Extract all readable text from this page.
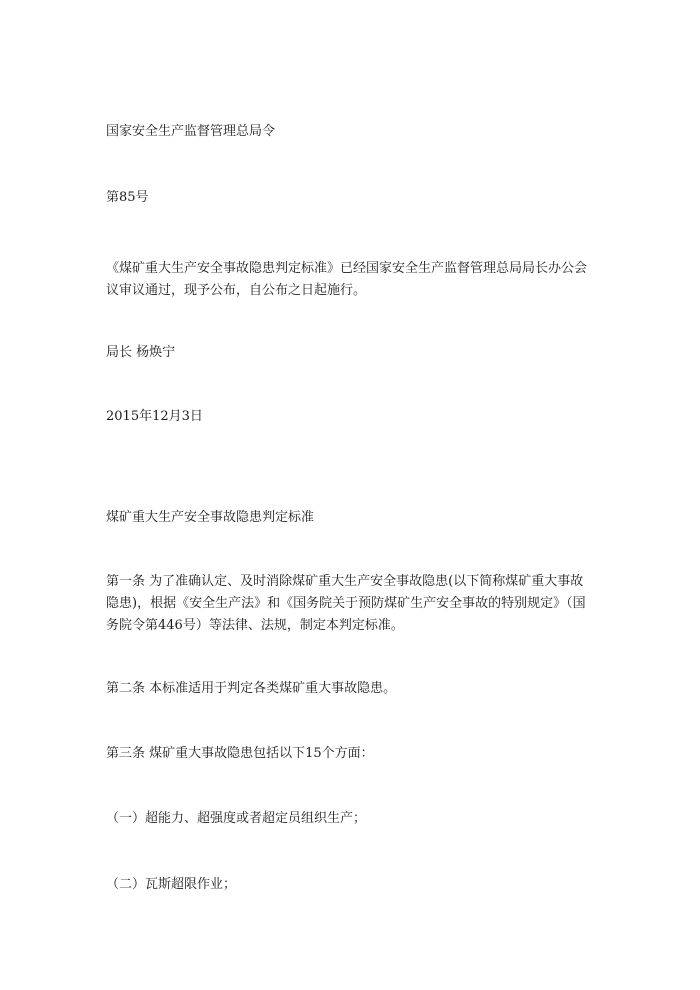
国家安全生产监督管理总局令

第85号

《煤矿重大生产安全事故隐患判定标准》已经国家安全生产监督管理总局局长办公会议审议通过，现予公布，自公布之日起施行。

局长 杨焕宁

2015年12月3日

煤矿重大生产安全事故隐患判定标准

第一条 为了准确认定、及时消除煤矿重大生产安全事故隐患(以下简称煤矿重大事故隐患)，根据《安全生产法》和《国务院关于预防煤矿生产安全事故的特别规定》（国务院令第446号）等法律、法规，制定本判定标准。

第二条 本标准适用于判定各类煤矿重大事故隐患。

第三条 煤矿重大事故隐患包括以下15个方面：

（一）超能力、超强度或者超定员组织生产；

（二）瓦斯超限作业；
